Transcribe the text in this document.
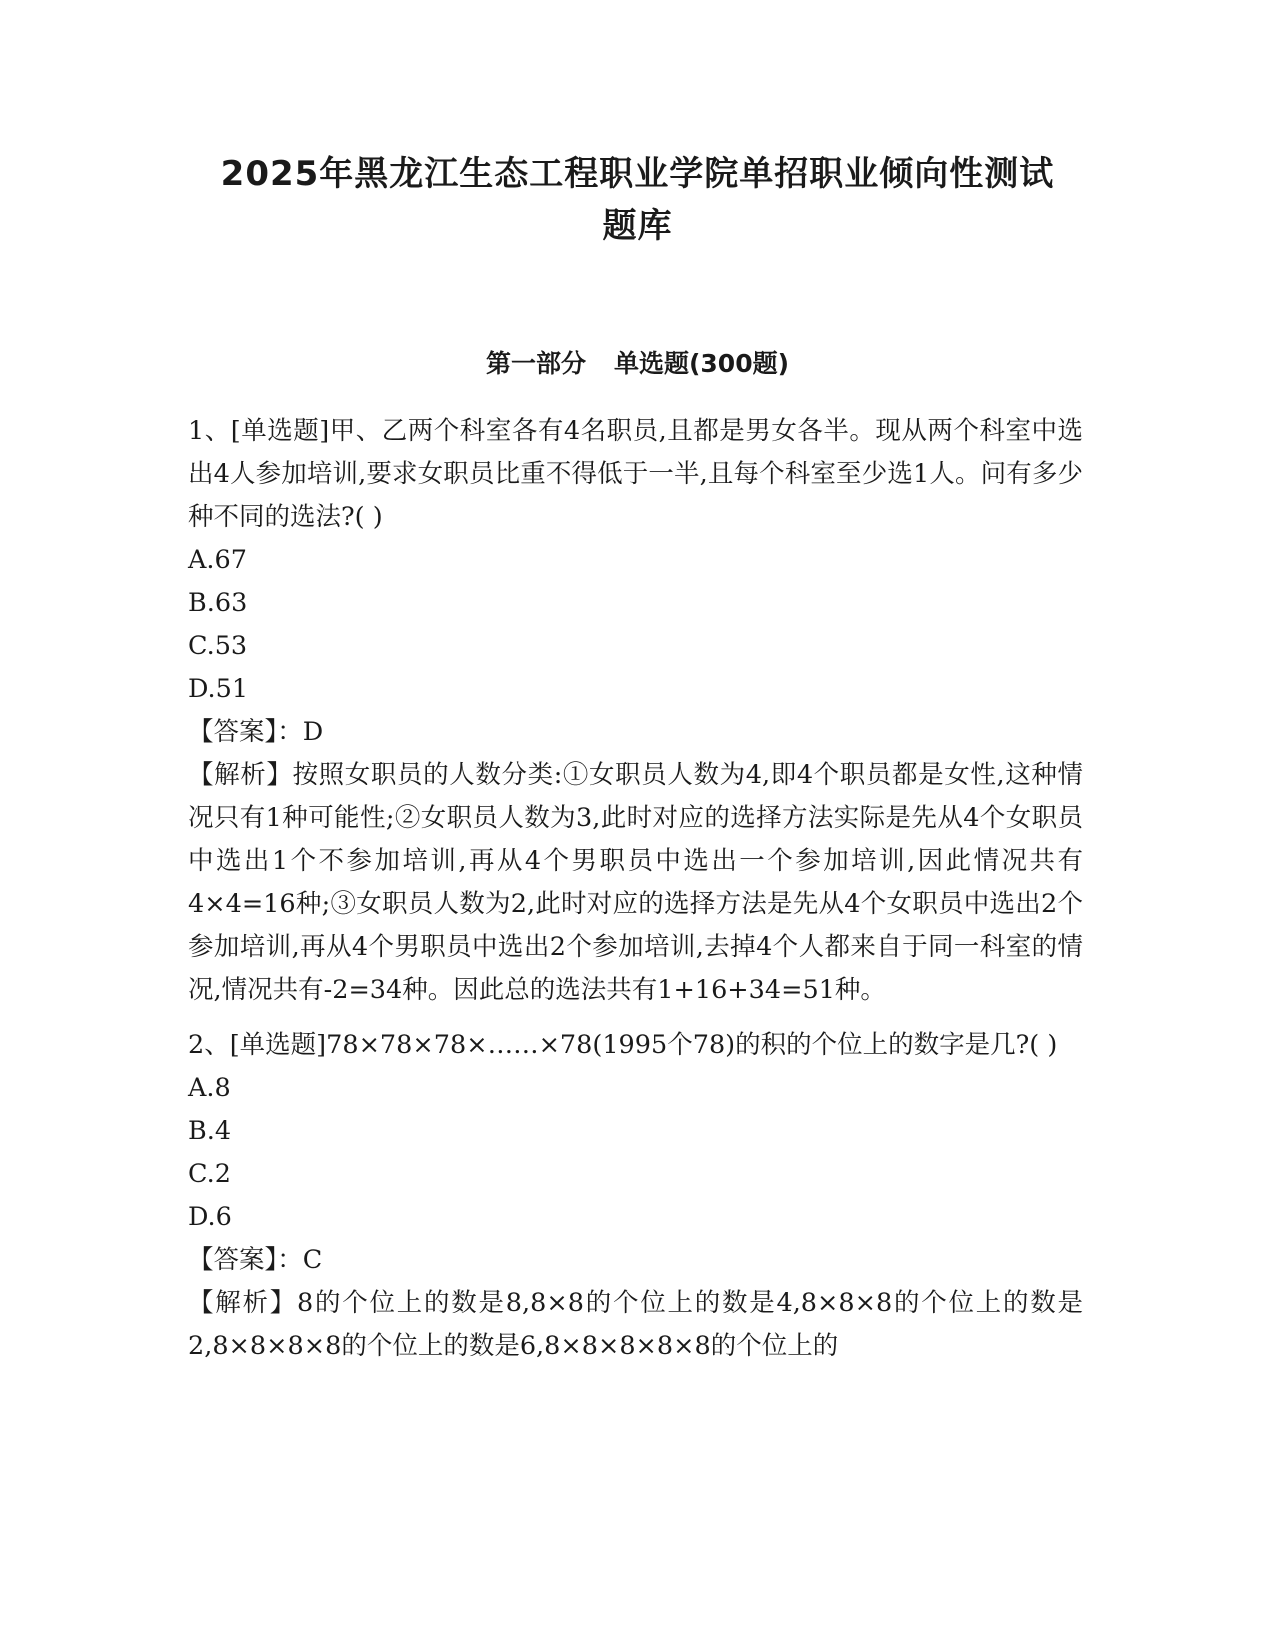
2025年黑龙江生态工程职业学院单招职业倾向性测试
题库
第一部分 单选题(300题)
1、[单选题]甲、乙两个科室各有4名职员,且都是男女各半。现从两个科室中选出4人参加培训,要求女职员比重不得低于一半,且每个科室至少选1人。问有多少种不同的选法?( )
A.67
B.63
C.53
D.51
【答案】：D
【解析】按照女职员的人数分类:①女职员人数为4,即4个职员都是女性,这种情况只有1种可能性;②女职员人数为3,此时对应的选择方法实际是先从4个女职员中选出1个不参加培训,再从4个男职员中选出一个参加培训,因此情况共有4×4=16种;③女职员人数为2,此时对应的选择方法是先从4个女职员中选出2个参加培训,再从4个男职员中选出2个参加培训,去掉4个人都来自于同一科室的情况,情况共有-2=34种。因此总的选法共有1+16+34=51种。
2、[单选题]78×78×78×……×78(1995个78)的积的个位上的数字是几?( )
A.8
B.4
C.2
D.6
【答案】：C
【解析】8的个位上的数是8,8×8的个位上的数是4,8×8×8的个位上的数是2,8×8×8×8的个位上的数是6,8×8×8×8×8的个位上的
